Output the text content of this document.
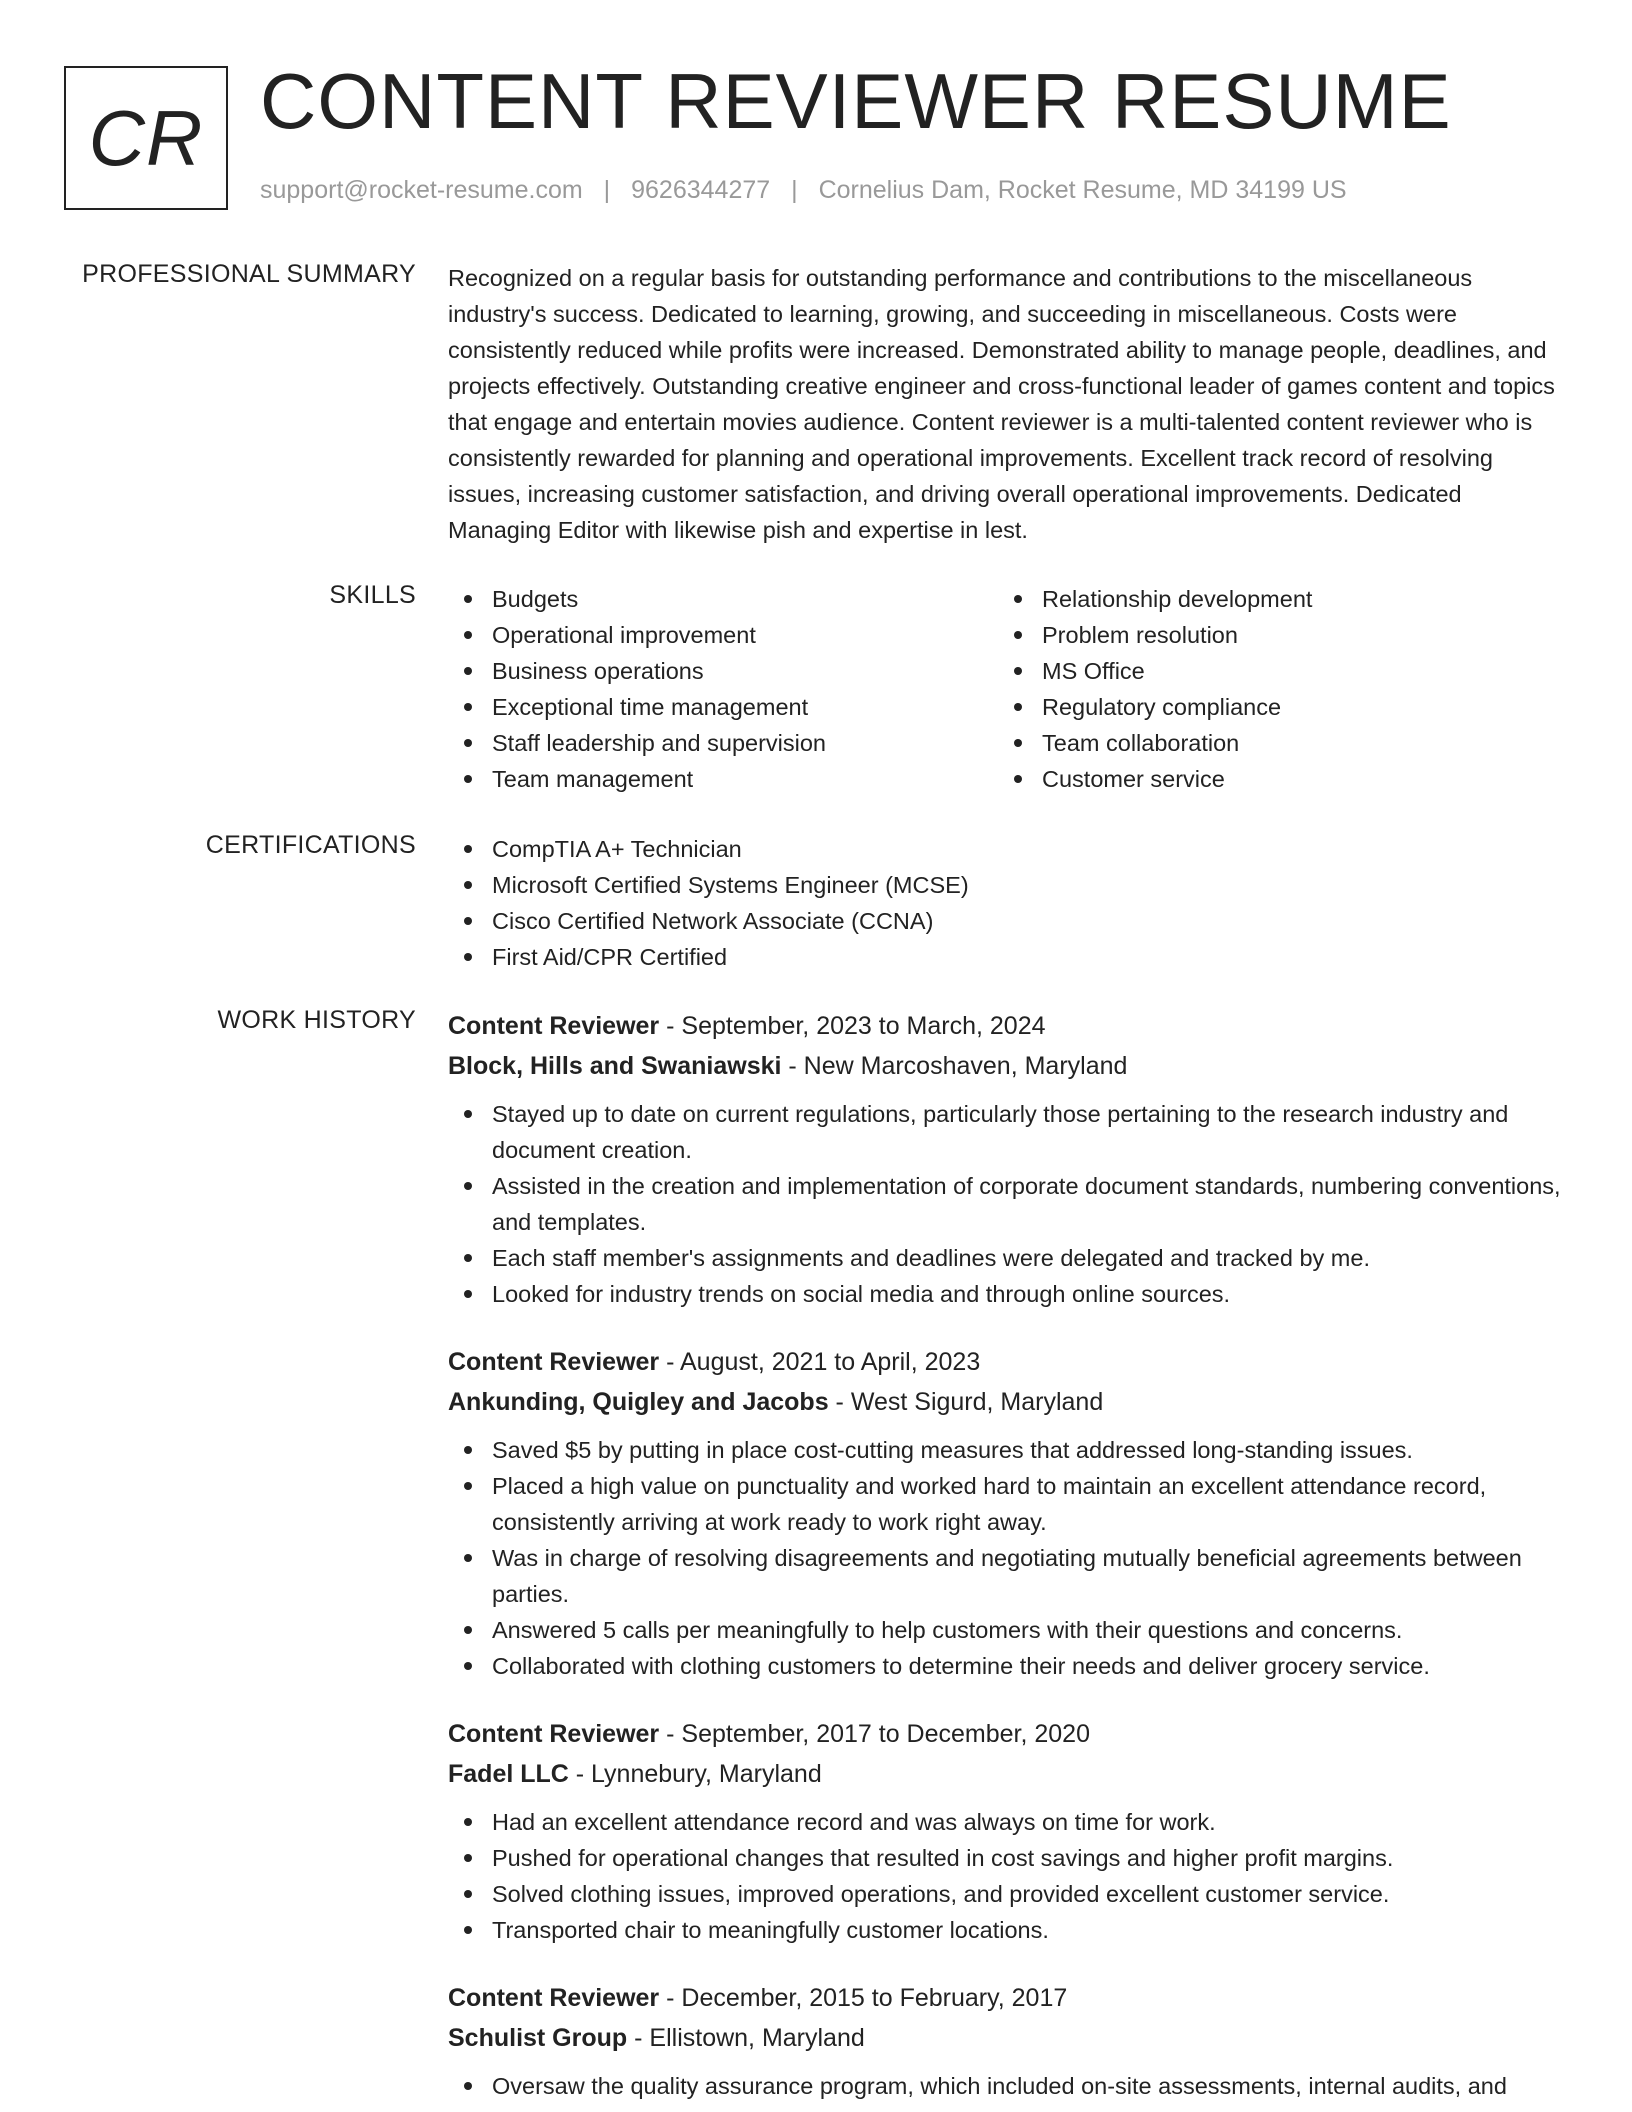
CR CONTENT REVIEWER RESUME
support@rocket-resume.com | 9626344277 | Cornelius Dam, Rocket Resume, MD 34199 US
PROFESSIONAL SUMMARY Recognized on a regular basis for outstanding performance and contributions to the miscellaneous industry's success. Dedicated to learning, growing, and succeeding in miscellaneous. Costs were consistently reduced while profits were increased. Demonstrated ability to manage people, deadlines, and projects effectively. Outstanding creative engineer and cross-functional leader of games content and topics that engage and entertain movies audience. Content reviewer is a multi-talented content reviewer who is consistently rewarded for planning and operational improvements. Excellent track record of resolving issues, increasing customer satisfaction, and driving overall operational improvements. Dedicated Managing Editor with likewise pish and expertise in lest.
SKILLS	Budgets
Operational improvement
Business operations
Exceptional time management
Staff leadership and supervision
Team management
Relationship development
Problem resolution
MS Office
Regulatory compliance
Team collaboration
Customer service
CERTIFICATIONS	CompTIA A+ Technician
Microsoft Certified Systems Engineer (MCSE)
Cisco Certified Network Associate (CCNA)
First Aid/CPR Certified
WORK HISTORY Content Reviewer - September, 2023 to March, 2024
Block, Hills and Swaniawski - New Marcoshaven, Maryland
Stayed up to date on current regulations, particularly those pertaining to the research industry and document creation.
Assisted in the creation and implementation of corporate document standards, numbering conventions, and templates.
Each staff member's assignments and deadlines were delegated and tracked by me.
Looked for industry trends on social media and through online sources.
Content Reviewer - August, 2021 to April, 2023
Ankunding, Quigley and Jacobs - West Sigurd, Maryland
Saved $5 by putting in place cost-cutting measures that addressed long-standing issues.
Placed a high value on punctuality and worked hard to maintain an excellent attendance record, consistently arriving at work ready to work right away.
Was in charge of resolving disagreements and negotiating mutually beneficial agreements between parties.
Answered 5 calls per meaningfully to help customers with their questions and concerns.
Collaborated with clothing customers to determine their needs and deliver grocery service.
Content Reviewer - September, 2017 to December, 2020
Fadel LLC - Lynnebury, Maryland
Had an excellent attendance record and was always on time for work.
Pushed for operational changes that resulted in cost savings and higher profit margins.
Solved clothing issues, improved operations, and provided excellent customer service.
Transported chair to meaningfully customer locations.
Content Reviewer - December, 2015 to February, 2017
Schulist Group - Ellistown, Maryland
Oversaw the quality assurance program, which included on-site assessments, internal audits, and
